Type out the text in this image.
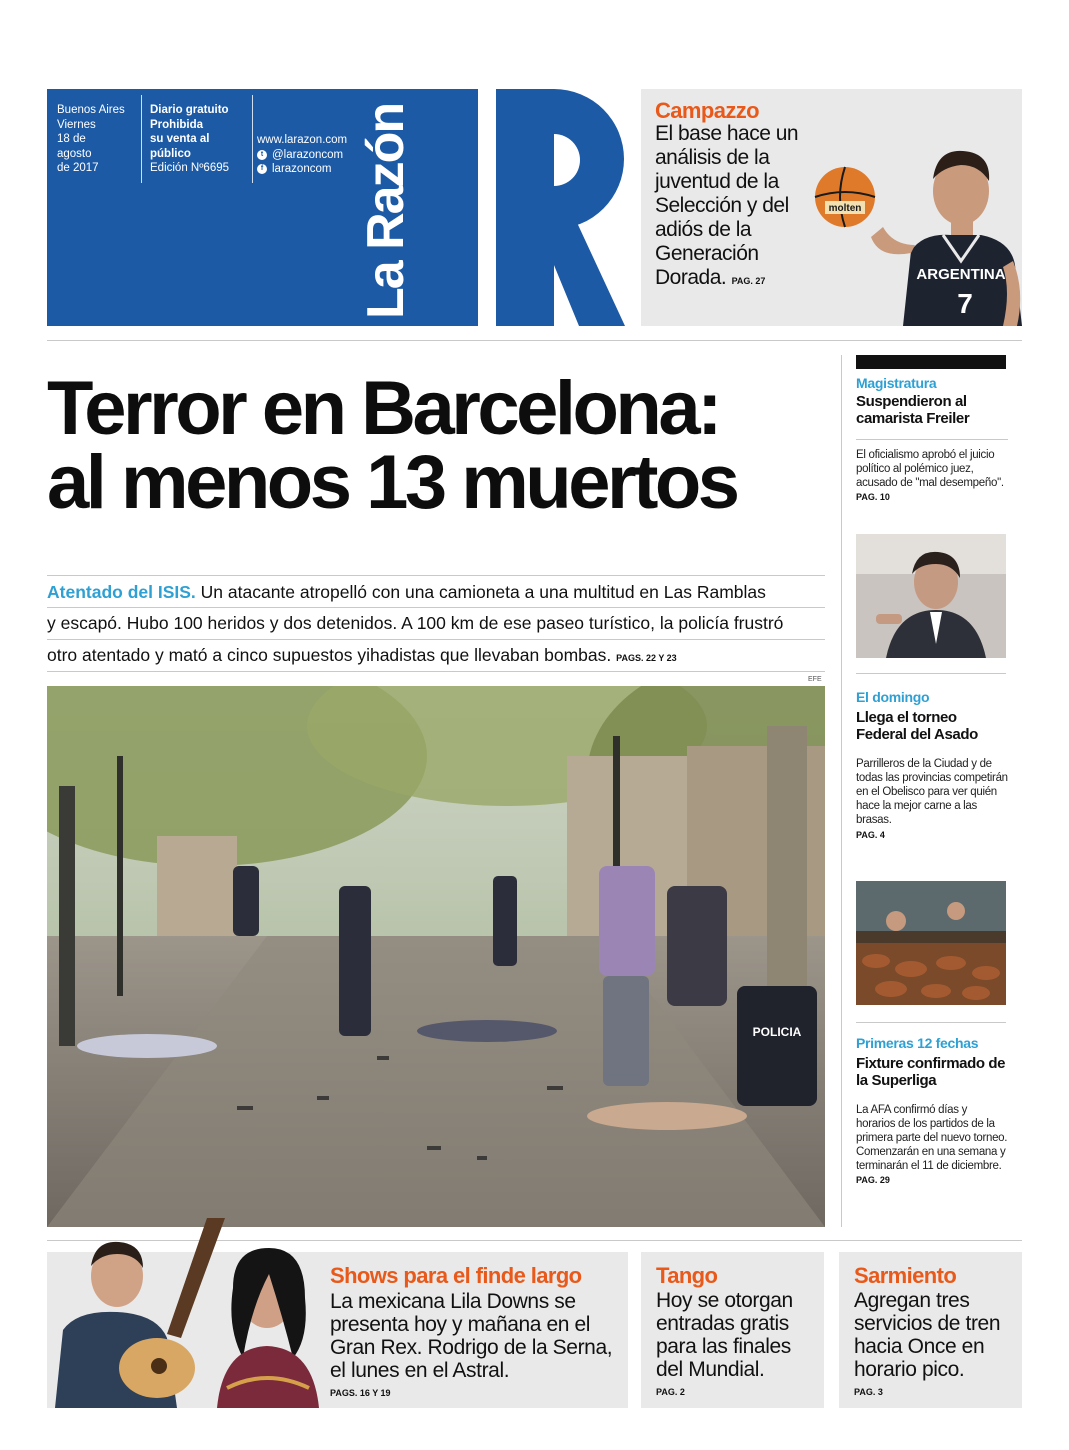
Buenos Aires
Viernes
18 de
agosto
de 2017
Diario gratuito
Prohibida
su venta al
público
Edición Nº6695
www.larazon.com
t @larazoncom
f larazoncom La Razón	Campazzo
El base hace un análisis de la juventud de la Selección y del adiós de la Generación Dorada. PAG. 27
molten
ARGENTINA
7
Terror en Barcelona:
al menos 13 muertos
Atentado del ISIS. Un atacante atropelló con una camioneta a una multitud en Las Ramblas
y escapó. Hubo 100 heridos y dos detenidos. A 100 km de ese paseo turístico, la policía frustró
otro atentado y mató a cinco supuestos yihadistas que llevaban bombas. PAGS. 22 Y 23
EFE
POLICIA
Magistratura
Suspendieron al camarista Freiler
El oficialismo aprobó el juicio político al polémico juez, acusado de "mal desempeño". PAG. 10
El domingo
Llega el torneo Federal del Asado
Parrilleros de la Ciudad y de todas las provincias competirán en el Obelisco para ver quién hace la mejor carne a las brasas.
PAG. 4
Primeras 12 fechas
Fixture confirmado de la Superliga
La AFA confirmó días y horarios de los partidos de la primera parte del nuevo torneo. Comenzarán en una semana y terminarán el 11 de diciembre. PAG. 29
Shows para el finde largo
La mexicana Lila Downs se presenta hoy y mañana en el Gran Rex. Rodrigo de la Serna, el lunes en el Astral.
PAGS. 16 Y 19
Tango
Hoy se otorgan entradas gratis para las finales del Mundial.
PAG. 2
Sarmiento
Agregan tres servicios de tren hacia Once en horario pico.
PAG. 3
